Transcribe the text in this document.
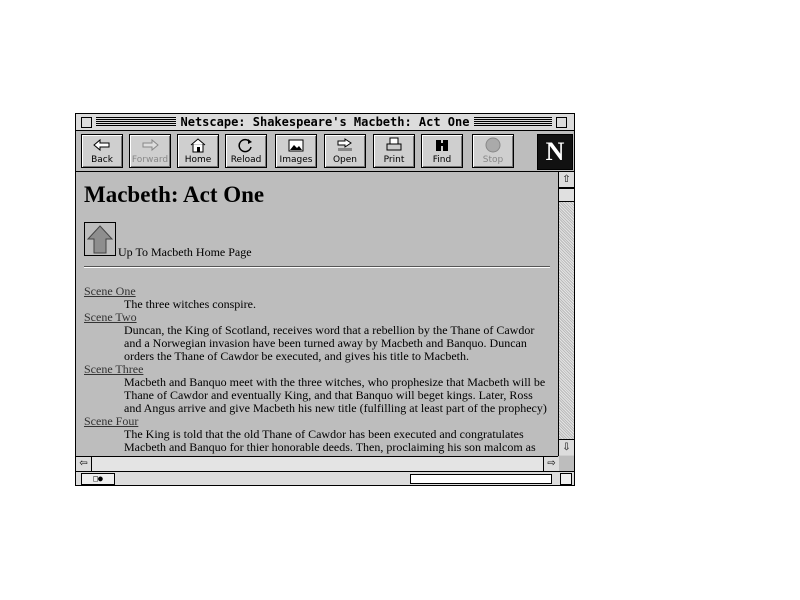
Netscape: Shakespeare's Macbeth: Act One
Back	Forward	Home	Reload	Images	Open	Print	Find	Stop	N
Macbeth: Act One
Up To Macbeth Home Page
Scene One
The three witches conspire.
Scene Two
Duncan, the King of Scotland, receives word that a rebellion by the Thane of Cawdor and a Norwegian invasion have been turned away by Macbeth and Banquo. Duncan orders the Thane of Cawdor be executed, and gives his title to Macbeth.
Scene Three
Macbeth and Banquo meet with the three witches, who prophesize that Macbeth will be Thane of Cawdor and eventually King, and that Banquo will beget kings. Later, Ross and Angus arrive and give Macbeth his new title (fulfilling at least part of the prophecy)
Scene Four
The King is told that the old Thane of Cawdor has been executed and congratulates Macbeth and Banquo for thier honorable deeds. Then, proclaiming his son malcom as
⇧
⇩
⇦	⇨
□●
